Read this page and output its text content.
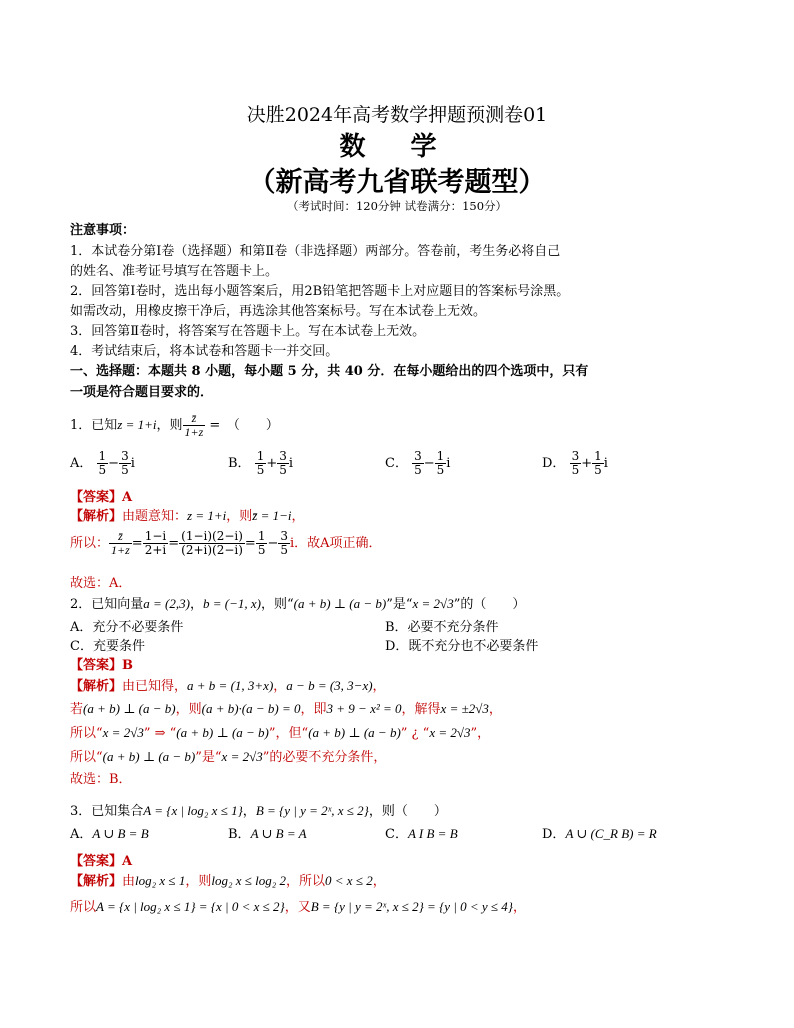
决胜2024年高考数学押题预测卷01
数 学
（新高考九省联考题型）
（考试时间：120分钟 试卷满分：150分）
注意事项：
1．本试卷分第Ⅰ卷（选择题）和第Ⅱ卷（非选择题）两部分。答卷前，考生务必将自己
的姓名、准考证号填写在答题卡上。
2．回答第Ⅰ卷时，选出每小题答案后，用2B铅笔把答题卡上对应题目的答案标号涂黑。
如需改动，用橡皮擦干净后，再选涂其他答案标号。写在本试卷上无效。
3．回答第Ⅱ卷时，将答案写在答题卡上。写在本试卷上无效。
4．考试结束后，将本试卷和答题卡一并交回。
一、选择题：本题共 8 小题，每小题 5 分，共 40 分．在每小题给出的四个选项中，只有
一项是符合题目要求的．
1．已知z = 1+i，则 $\frac{z̄}{1+z}$ =　 （　　）
A． $\frac{1}{5} - \frac{3}{5}$ i	B． $\frac{1}{5} + \frac{3}{5}$ i	C． $\frac{3}{5} - \frac{1}{5}$ i	D． $\frac{3}{5} + \frac{1}{5}$ i
【答案】A
【解析】由题意知：z = 1+i，则z̄ = 1−i，
所以： $\frac{z̄}{1+z} = \frac{1-i}{2+i} = \frac{(1-i)(2-i)}{(2+i)(2-i)} = \frac{1}{5} - \frac{3}{5}$ i．故A项正确．
故选：A．
2．已知向量a = (2,3)，b = (−1, x)，则“(a + b) ⊥ (a − b)”是“x = 2√3”的（　　）
A．充分不必要条件	B．必要不充分条件
C．充要条件	D．既不充分也不必要条件
【答案】B
【解析】由已知得，a + b = (1, 3+x)，a − b = (3, 3−x)，
若(a + b) ⊥ (a − b)，则(a + b)·(a − b) = 0，即3 + 9 − x² = 0，解得x = ±2√3，
所以“x = 2√3” ⇒ “(a + b) ⊥ (a − b)”，但“(a + b) ⊥ (a − b)” ¿ “x = 2√3”，
所以“(a + b) ⊥ (a − b)”是“x = 2√3”的必要不充分条件，
故选：B．
3．已知集合A = {x | log₂ x ≤ 1}，B = {y | y = 2ˣ, x ≤ 2}，则（　　）
A．A ∪ B = B	B．A ∪ B = A	C．A I B = B	D．A ∪ (C_R B) = R
【答案】A
【解析】由log₂ x ≤ 1，则log₂ x ≤ log₂ 2，所以0 < x ≤ 2，
所以A = {x | log₂ x ≤ 1} = {x | 0 < x ≤ 2}，又B = {y | y = 2ˣ, x ≤ 2} = {y | 0 < y ≤ 4}，
